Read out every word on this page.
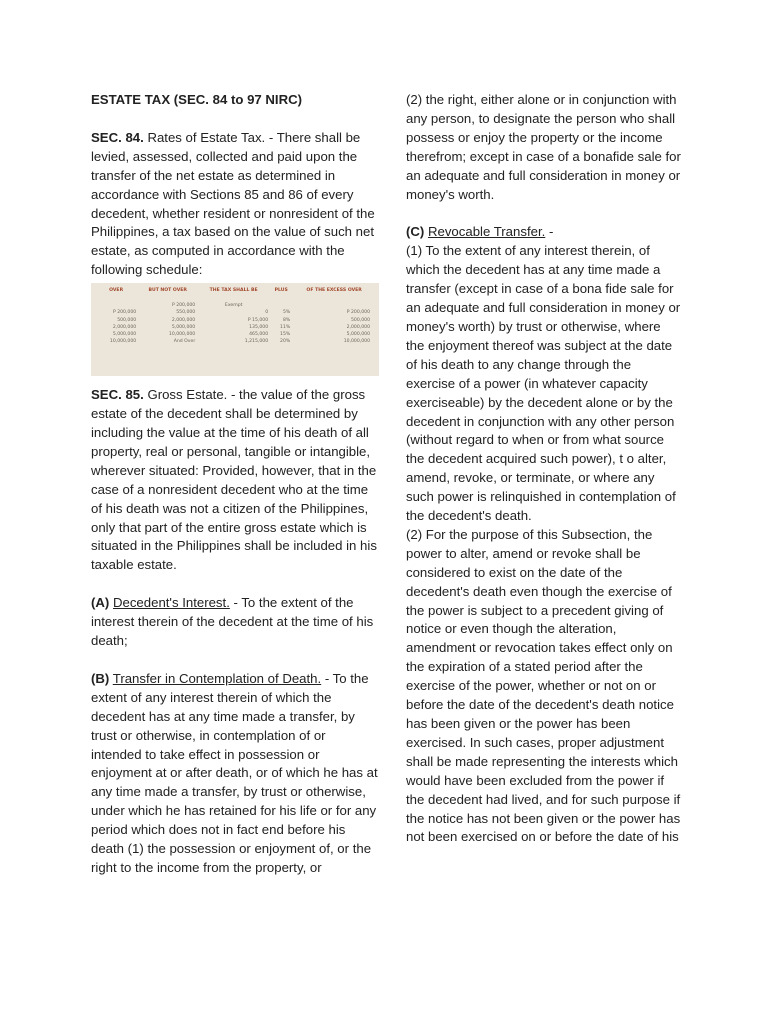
ESTATE TAX (SEC. 84 to 97 NIRC)

SEC. 84. Rates of Estate Tax. - There shall be levied, assessed, collected and paid upon the transfer of the net estate as determined in accordance with Sections 85 and 86 of every decedent, whether resident or nonresident of the Philippines, a tax based on the value of such net estate, as computed in accordance with the following schedule:

OVER	BUT NOT OVER	THE TAX SHALL BE	PLUS	OF THE EXCESS OVER
	P 200,000	Exempt		
P 200,000	550,000	0	5%	P 200,000
500,000	2,000,000	P 15,000	8%	500,000
2,000,000	5,000,000	135,000	11%	2,000,000
5,000,000	10,000,000	465,000	15%	5,000,000
10,000,000	And Over	1,215,000	20%	10,000,000

SEC. 85. Gross Estate. - the value of the gross estate of the decedent shall be determined by including the value at the time of his death of all property, real or personal, tangible or intangible, wherever situated: Provided, however, that in the case of a nonresident decedent who at the time of his death was not a citizen of the Philippines, only that part of the entire gross estate which is situated in the Philippines shall be included in his taxable estate.

(A) Decedent's Interest. - To the extent of the interest therein of the decedent at the time of his death;

(B) Transfer in Contemplation of Death. - To the extent of any interest therein of which the decedent has at any time made a transfer, by trust or otherwise, in contemplation of or intended to take effect in possession or enjoyment at or after death, or of which he has at any time made a transfer, by trust or otherwise, under which he has retained for his life or for any period which does not in fact end before his death (1) the possession or enjoyment of, or the right to the income from the property, or

(2) the right, either alone or in conjunction with any person, to designate the person who shall possess or enjoy the property or the income therefrom; except in case of a bonafide sale for an adequate and full consideration in money or money's worth.

(C) Revocable Transfer. -

(1) To the extent of any interest therein, of which the decedent has at any time made a transfer (except in case of a bona fide sale for an adequate and full consideration in money or money's worth) by trust or otherwise, where the enjoyment thereof was subject at the date of his death to any change through the exercise of a power (in whatever capacity exerciseable) by the decedent alone or by the decedent in conjunction with any other person (without regard to when or from what source the decedent acquired such power), t o alter, amend, revoke, or terminate, or where any such power is relinquished in contemplation of the decedent's death.

(2) For the purpose of this Subsection, the power to alter, amend or revoke shall be considered to exist on the date of the decedent's death even though the exercise of the power is subject to a precedent giving of notice or even though the alteration, amendment or revocation takes effect only on the expiration of a stated period after the exercise of the power, whether or not on or before the date of the decedent's death notice has been given or the power has been exercised. In such cases, proper adjustment shall be made representing the interests which would have been excluded from the power if the decedent had lived, and for such purpose if the notice has not been given or the power has not been exercised on or before the date of his
